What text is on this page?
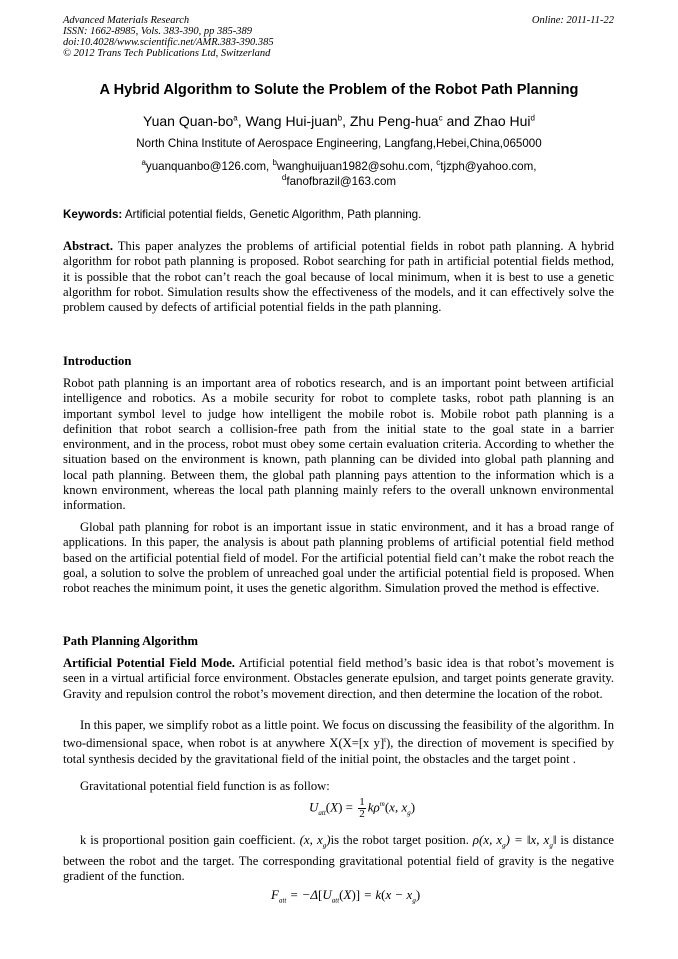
Advanced Materials Research
ISSN: 1662-8985, Vols. 383-390, pp 385-389
doi:10.4028/www.scientific.net/AMR.383-390.385
© 2012 Trans Tech Publications Ltd, Switzerland
Online: 2011-11-22
A Hybrid Algorithm to Solute the Problem of the Robot Path Planning
Yuan Quan-$bo^a$, Wang Hui-juan$^b$, Zhu Peng-hua$^c$ and Zhao Hui$^d$
North China Institute of Aerospace Engineering, Langfang,Hebei,China,065000
$^a$yuanquanbo@126.com, $^b$wanghuijuan1982@sohu.com, $^c$tjzph@yahoo.com,
$^d$fanofbrazil@163.com
Keywords: Artificial potential fields, Genetic Algorithm, Path planning.

Abstract. This paper analyzes the problems of artificial potential fields in robot path planning. A hybrid algorithm for robot path planning is proposed. Robot searching for path in artificial potential fields method, it is possible that the robot can’t reach the goal because of local minimum, when it is best to use a genetic algorithm for robot. Simulation results show the effectiveness of the models, and it can effectively solve the problem caused by defects of artificial potential fields in the path planning.

Introduction

Robot path planning is an important area of robotics research, and is an important point between artificial intelligence and robotics. As a mobile security for robot to complete tasks, robot path planning is an important symbol level to judge how intelligent the mobile robot is. Mobile robot path planning is a definition that robot search a collision-free path from the initial state to the goal state in a barrier environment, and in the process, robot must obey some certain evaluation criteria. According to whether the situation based on the environment is known, path planning can be divided into global path planning and local path planning. Between them, the global path planning pays attention to the information which is a known environment, whereas the local path planning mainly refers to the overall unknown environmental information.

Global path planning for robot is an important issue in static environment, and it has a broad range of applications. In this paper, the analysis is about path planning problems of artificial potential field method based on the artificial potential field of model. For the artificial potential field can’t make the robot reach the goal, a solution to solve the problem of unreached goal under the artificial potential field is proposed. When robot reaches the minimum point, it uses the genetic algorithm. Simulation proved the method is effective.

Path Planning Algorithm

Artificial Potential Field Mode. Artificial potential field method’s basic idea is that robot’s movement is seen in a virtual artificial force environment. Obstacles generate epulsion, and target points generate gravity. Gravity and repulsion control the robot’s movement direction, and then determine the location of the robot.

In this paper, we simplify robot as a little point. We focus on discussing the feasibility of the algorithm. In two-dimensional space, when robot is at anywhere X(X=[x y]$^t$), the direction of movement is specified by total synthesis decided by the gravitational field of the initial point, the obstacles and the target point .

Gravitational potential field function is as follow:

$U_{att}(X) = \frac{1}{2} k\rho^m(x$, $x_g$)

k is proportional position gain coefficient. (x, $x_g)is$ the robot target position. ρ(x, $x_g$) = ‖x, $x_g‖$ is distance between the robot and the target. The corresponding gravitational potential field of gravity is the negative gradient of the function.

$F_{att} = -\Delta[U_{att}(X)] = k(x - x_g)$
